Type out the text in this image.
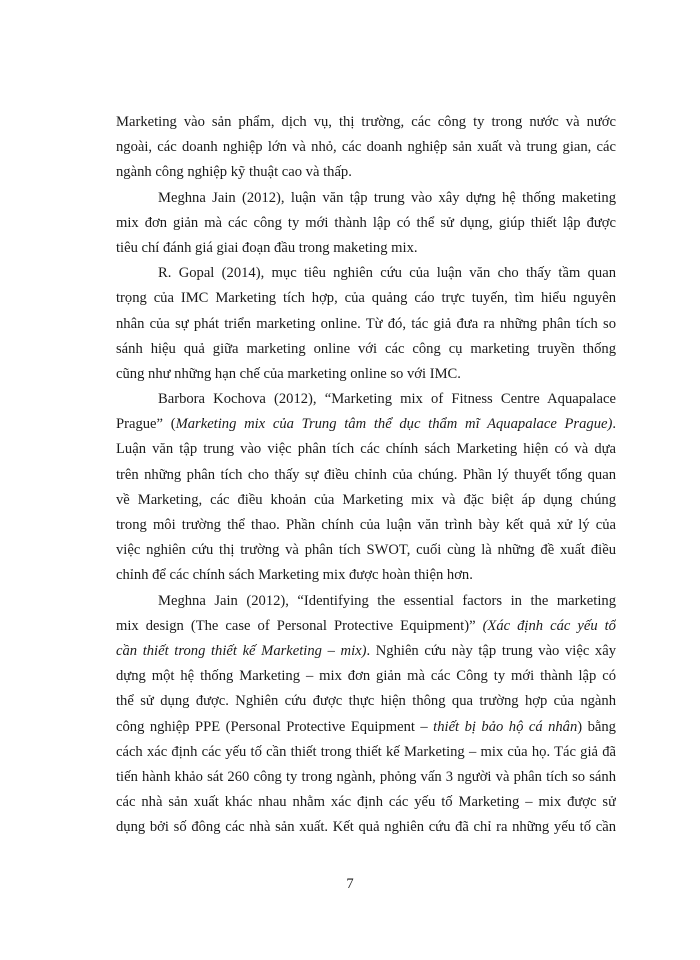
Marketing vào sản phẩm, dịch vụ, thị trường, các công ty trong nước và nước
ngoài, các doanh nghiệp lớn và nhỏ, các doanh nghiệp sản xuất và trung gian, các
ngành công nghiệp kỹ thuật cao và thấp.
Meghna Jain (2012), luận văn tập trung vào xây dựng hệ thống maketing
mix đơn giản mà các công ty mới thành lập có thể sử dụng, giúp thiết lập được
tiêu chí đánh giá giai đoạn đầu trong maketing mix.
R. Gopal (2014), mục tiêu nghiên cứu của luận văn cho thấy tầm quan
trọng của IMC Marketing tích hợp, của quảng cáo trực tuyến, tìm hiểu nguyên
nhân của sự phát triển marketing online. Từ đó, tác giả đưa ra những phân tích so
sánh hiệu quả giữa marketing online với các công cụ marketing truyền thống
cũng như những hạn chế của marketing online so với IMC.
Barbora Kochova (2012), “Marketing mix of Fitness Centre Aquapalace
Prague” (Marketing mix của Trung tâm thể dục thẩm mĩ Aquapalace Prague).
Luận văn tập trung vào việc phân tích các chính sách Marketing hiện có và dựa
trên những phân tích cho thấy sự điều chỉnh của chúng. Phần lý thuyết tổng quan
về Marketing, các điều khoản của Marketing mix và đặc biệt áp dụng chúng
trong môi trường thể thao. Phần chính của luận văn trình bày kết quả xử lý của
việc nghiên cứu thị trường và phân tích SWOT, cuối cùng là những đề xuất điều
chỉnh để các chính sách Marketing mix được hoàn thiện hơn.
Meghna Jain (2012), “Identifying the essential factors in the marketing
mix design (The case of Personal Protective Equipment)” (Xác định các yếu tố
cần thiết trong thiết kế Marketing – mix). Nghiên cứu này tập trung vào việc xây
dựng một hệ thống Marketing – mix đơn giản mà các Công ty mới thành lập có
thể sử dụng được. Nghiên cứu được thực hiện thông qua trường hợp của ngành
công nghiệp PPE (Personal Protective Equipment – thiết bị bảo hộ cá nhân) bằng
cách xác định các yếu tố cần thiết trong thiết kế Marketing – mix của họ. Tác giả đã
tiến hành khảo sát 260 công ty trong ngành, phỏng vấn 3 người và phân tích so sánh
các nhà sản xuất khác nhau nhằm xác định các yếu tố Marketing – mix được sử
dụng bởi số đông các nhà sản xuất. Kết quả nghiên cứu đã chỉ ra những yếu tố cần
7
